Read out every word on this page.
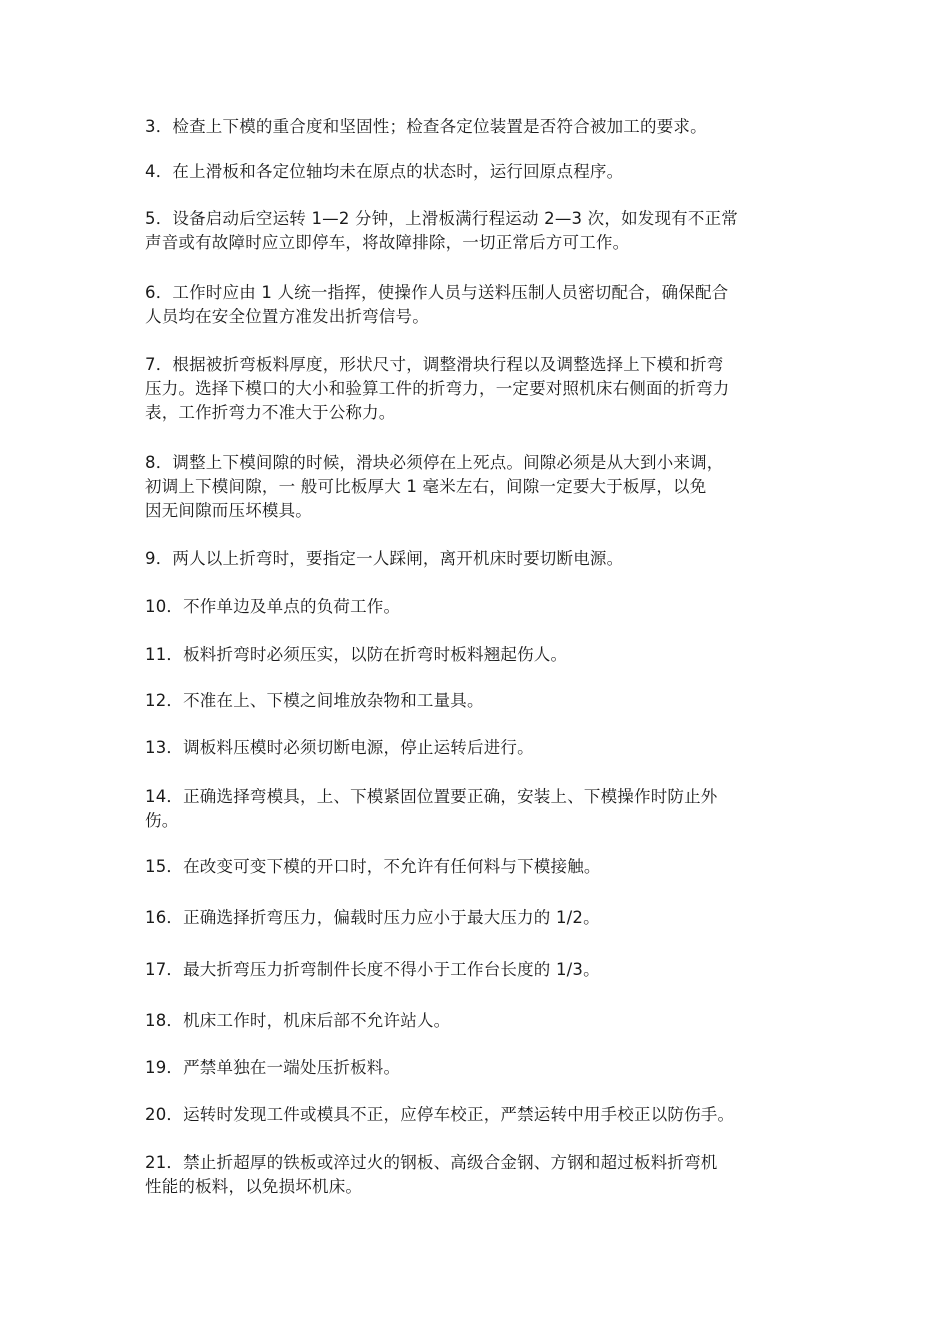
3．检查上下模的重合度和坚固性；检查各定位装置是否符合被加工的要求。
4．在上滑板和各定位轴均未在原点的状态时，运行回原点程序。
5．设备启动后空运转 1—2 分钟，上滑板满行程运动 2—3 次，如发现有不正常
声音或有故障时应立即停车，将故障排除，一切正常后方可工作。
6．工作时应由 1 人统一指挥，使操作人员与送料压制人员密切配合，确保配合
人员均在安全位置方准发出折弯信号。
7．根据被折弯板料厚度，形状尺寸，调整滑块行程以及调整选择上下模和折弯
压力。选择下模口的大小和验算工件的折弯力，一定要对照机床右侧面的折弯力
表，工作折弯力不准大于公称力。
8．调整上下模间隙的时候，滑块必须停在上死点。间隙必须是从大到小来调，
初调上下模间隙，一 般可比板厚大 1 毫米左右，间隙一定要大于板厚，以免
因无间隙而压坏模具。
9．两人以上折弯时，要指定一人踩闸，离开机床时要切断电源。
10．不作单边及单点的负荷工作。
11．板料折弯时必须压实，以防在折弯时板料翘起伤人。
12．不准在上、下模之间堆放杂物和工量具。
13．调板料压模时必须切断电源，停止运转后进行。
14．正确选择弯模具，上、下模紧固位置要正确，安装上、下模操作时防止外
伤。
15．在改变可变下模的开口时，不允许有任何料与下模接触。
16．正确选择折弯压力，偏载时压力应小于最大压力的 1/2。
17．最大折弯压力折弯制件长度不得小于工作台长度的 1/3。
18．机床工作时，机床后部不允许站人。
19．严禁单独在一端处压折板料。
20．运转时发现工件或模具不正，应停车校正，严禁运转中用手校正以防伤手。
21．禁止折超厚的铁板或淬过火的钢板、高级合金钢、方钢和超过板料折弯机
性能的板料，以免损坏机床。
